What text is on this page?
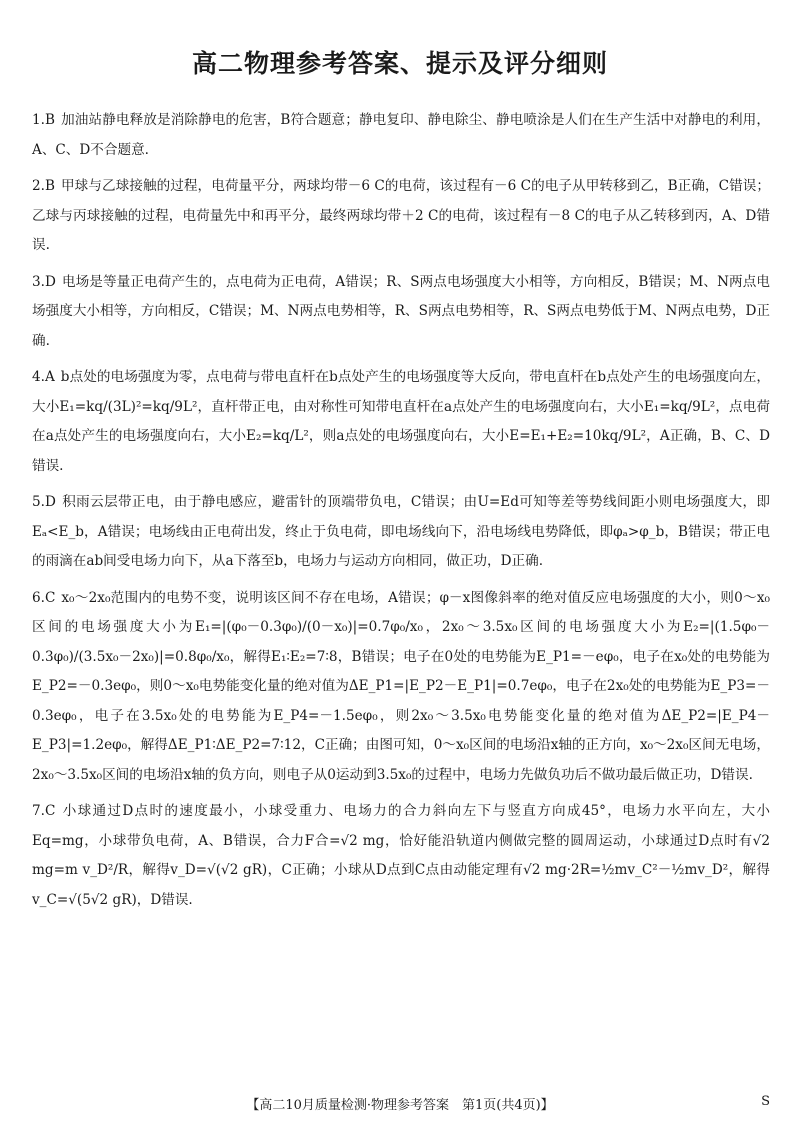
高二物理参考答案、提示及评分细则

1.B 加油站静电释放是消除静电的危害，B符合题意；静电复印、静电除尘、静电喷涂是人们在生产生活中对静电的利用，A、C、D不合题意.

2.B 甲球与乙球接触的过程，电荷量平分，两球均带－6 C的电荷，该过程有－6 C的电子从甲转移到乙，B正确，C错误；乙球与丙球接触的过程，电荷量先中和再平分，最终两球均带＋2 C的电荷，该过程有－8 C的电子从乙转移到丙，A、D错误.

3.D 电场是等量正电荷产生的，点电荷为正电荷，A错误；R、S两点电场强度大小相等，方向相反，B错误；M、N两点电场强度大小相等，方向相反，C错误；M、N两点电势相等，R、S两点电势相等，R、S两点电势低于M、N两点电势，D正确.

4.A b点处的电场强度为零，点电荷与带电直杆在b点处产生的电场强度等大反向，带电直杆在b点处产生的电场强度向左，大小E₁=kq/(3L)²=kq/9L²，直杆带正电，由对称性可知带电直杆在a点处产生的电场强度向右，大小E₁=kq/9L²，点电荷在a点处产生的电场强度向右，大小E₂=kq/L²，则a点处的电场强度向右，大小E=E₁+E₂=10kq/9L²，A正确，B、C、D错误.

5.D 积雨云层带正电，由于静电感应，避雷针的顶端带负电，C错误；由U=Ed可知等差等势线间距小则电场强度大，即Eₐ<E_b，A错误；电场线由正电荷出发，终止于负电荷，即电场线向下，沿电场线电势降低，即φₐ>φ_b，B错误；带正电的雨滴在ab间受电场力向下，从a下落至b，电场力与运动方向相同，做正功，D正确.

6.C x₀～2x₀范围内的电势不变，说明该区间不存在电场，A错误；φ－x图像斜率的绝对值反应电场强度的大小，则0～x₀区间的电场强度大小为E₁=|(φ₀－0.3φ₀)/(0－x₀)|=0.7φ₀/x₀，2x₀～3.5x₀区间的电场强度大小为E₂=|(1.5φ₀－0.3φ₀)/(3.5x₀－2x₀)|=0.8φ₀/x₀，解得E₁∶E₂=7∶8，B错误；电子在0处的电势能为E_P1=－eφ₀，电子在x₀处的电势能为E_P2=－0.3eφ₀，则0～x₀电势能变化量的绝对值为ΔE_P1=|E_P2－E_P1|=0.7eφ₀，电子在2x₀处的电势能为E_P3=－0.3eφ₀，电子在3.5x₀处的电势能为E_P4=－1.5eφ₀，则2x₀～3.5x₀电势能变化量的绝对值为ΔE_P2=|E_P4－E_P3|=1.2eφ₀，解得ΔE_P1∶ΔE_P2=7∶12，C正确；由图可知，0～x₀区间的电场沿x轴的正方向，x₀～2x₀区间无电场，2x₀～3.5x₀区间的电场沿x轴的负方向，则电子从0运动到3.5x₀的过程中，电场力先做负功后不做功最后做正功，D错误.

7.C 小球通过D点时的速度最小，小球受重力、电场力的合力斜向左下与竖直方向成45°，电场力水平向左，大小Eq=mg，小球带负电荷，A、B错误，合力F合=√2 mg，恰好能沿轨道内侧做完整的圆周运动，小球通过D点时有√2 mg=m v_D²/R，解得v_D=√(√2 gR)，C正确；小球从D点到C点由动能定理有√2 mg·2R=½mv_C²－½mv_D²，解得v_C=√(5√2 gR)，D错误.

【高二10月质量检测·物理参考答案　第1页(共4页)】	S
